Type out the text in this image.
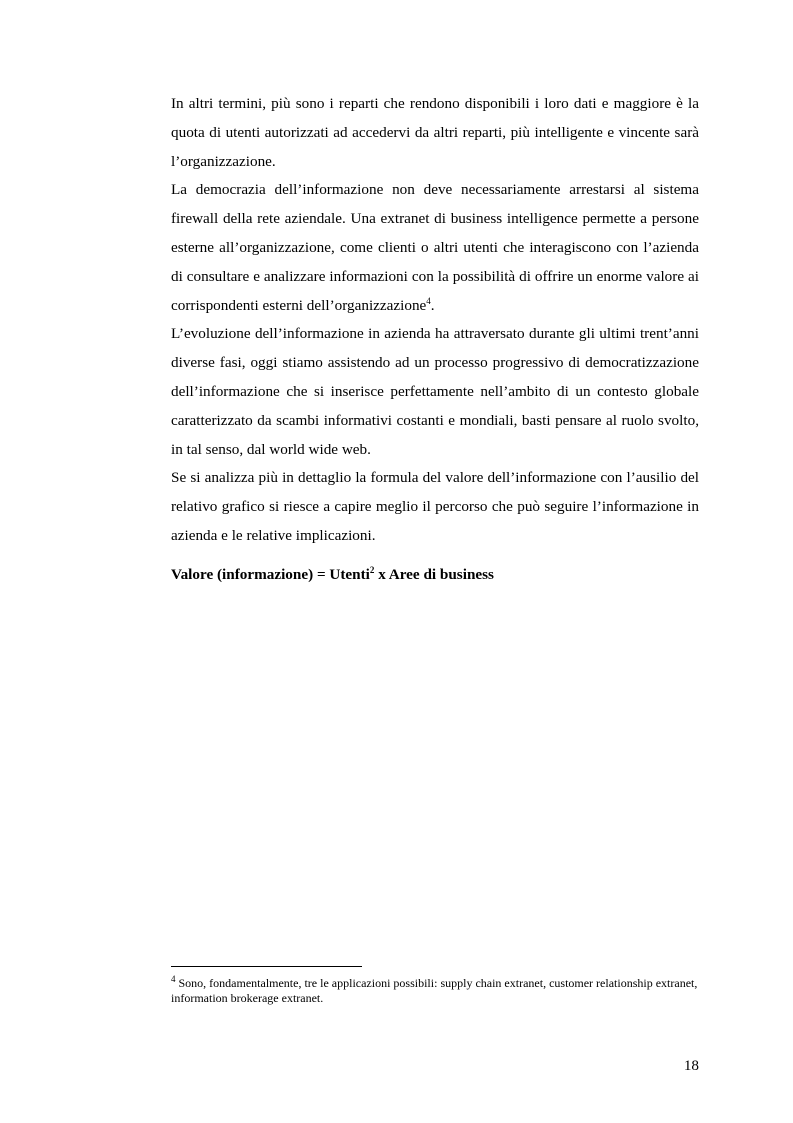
In altri termini, più sono i reparti che rendono disponibili i loro dati e maggiore è la quota di utenti autorizzati ad accedervi da altri reparti, più intelligente e vincente sarà l’organizzazione.

La democrazia dell’informazione non deve necessariamente arrestarsi al sistema firewall della rete aziendale. Una extranet di business intelligence permette a persone esterne all’organizzazione, come clienti o altri utenti che interagiscono con l’azienda di consultare e analizzare informazioni con la possibilità di offrire un enorme valore ai corrispondenti esterni dell’organizzazione$^4$.

L’evoluzione dell’informazione in azienda ha attraversato durante gli ultimi trent’anni diverse fasi, oggi stiamo assistendo ad un processo progressivo di democratizzazione dell’informazione che si inserisce perfettamente nell’ambito di un contesto globale caratterizzato da scambi informativi costanti e mondiali, basti pensare al ruolo svolto, in tal senso, dal world wide web.

Se si analizza più in dettaglio la formula del valore dell’informazione con l’ausilio del relativo grafico si riesce a capire meglio il percorso che può seguire l’informazione in azienda e le relative implicazioni.

Valore (informazione) = Utenti$^2$ x Aree di business
$^4$ Sono, fondamentalmente, tre le applicazioni possibili: supply chain extranet, customer relationship extranet, information brokerage extranet.
18
